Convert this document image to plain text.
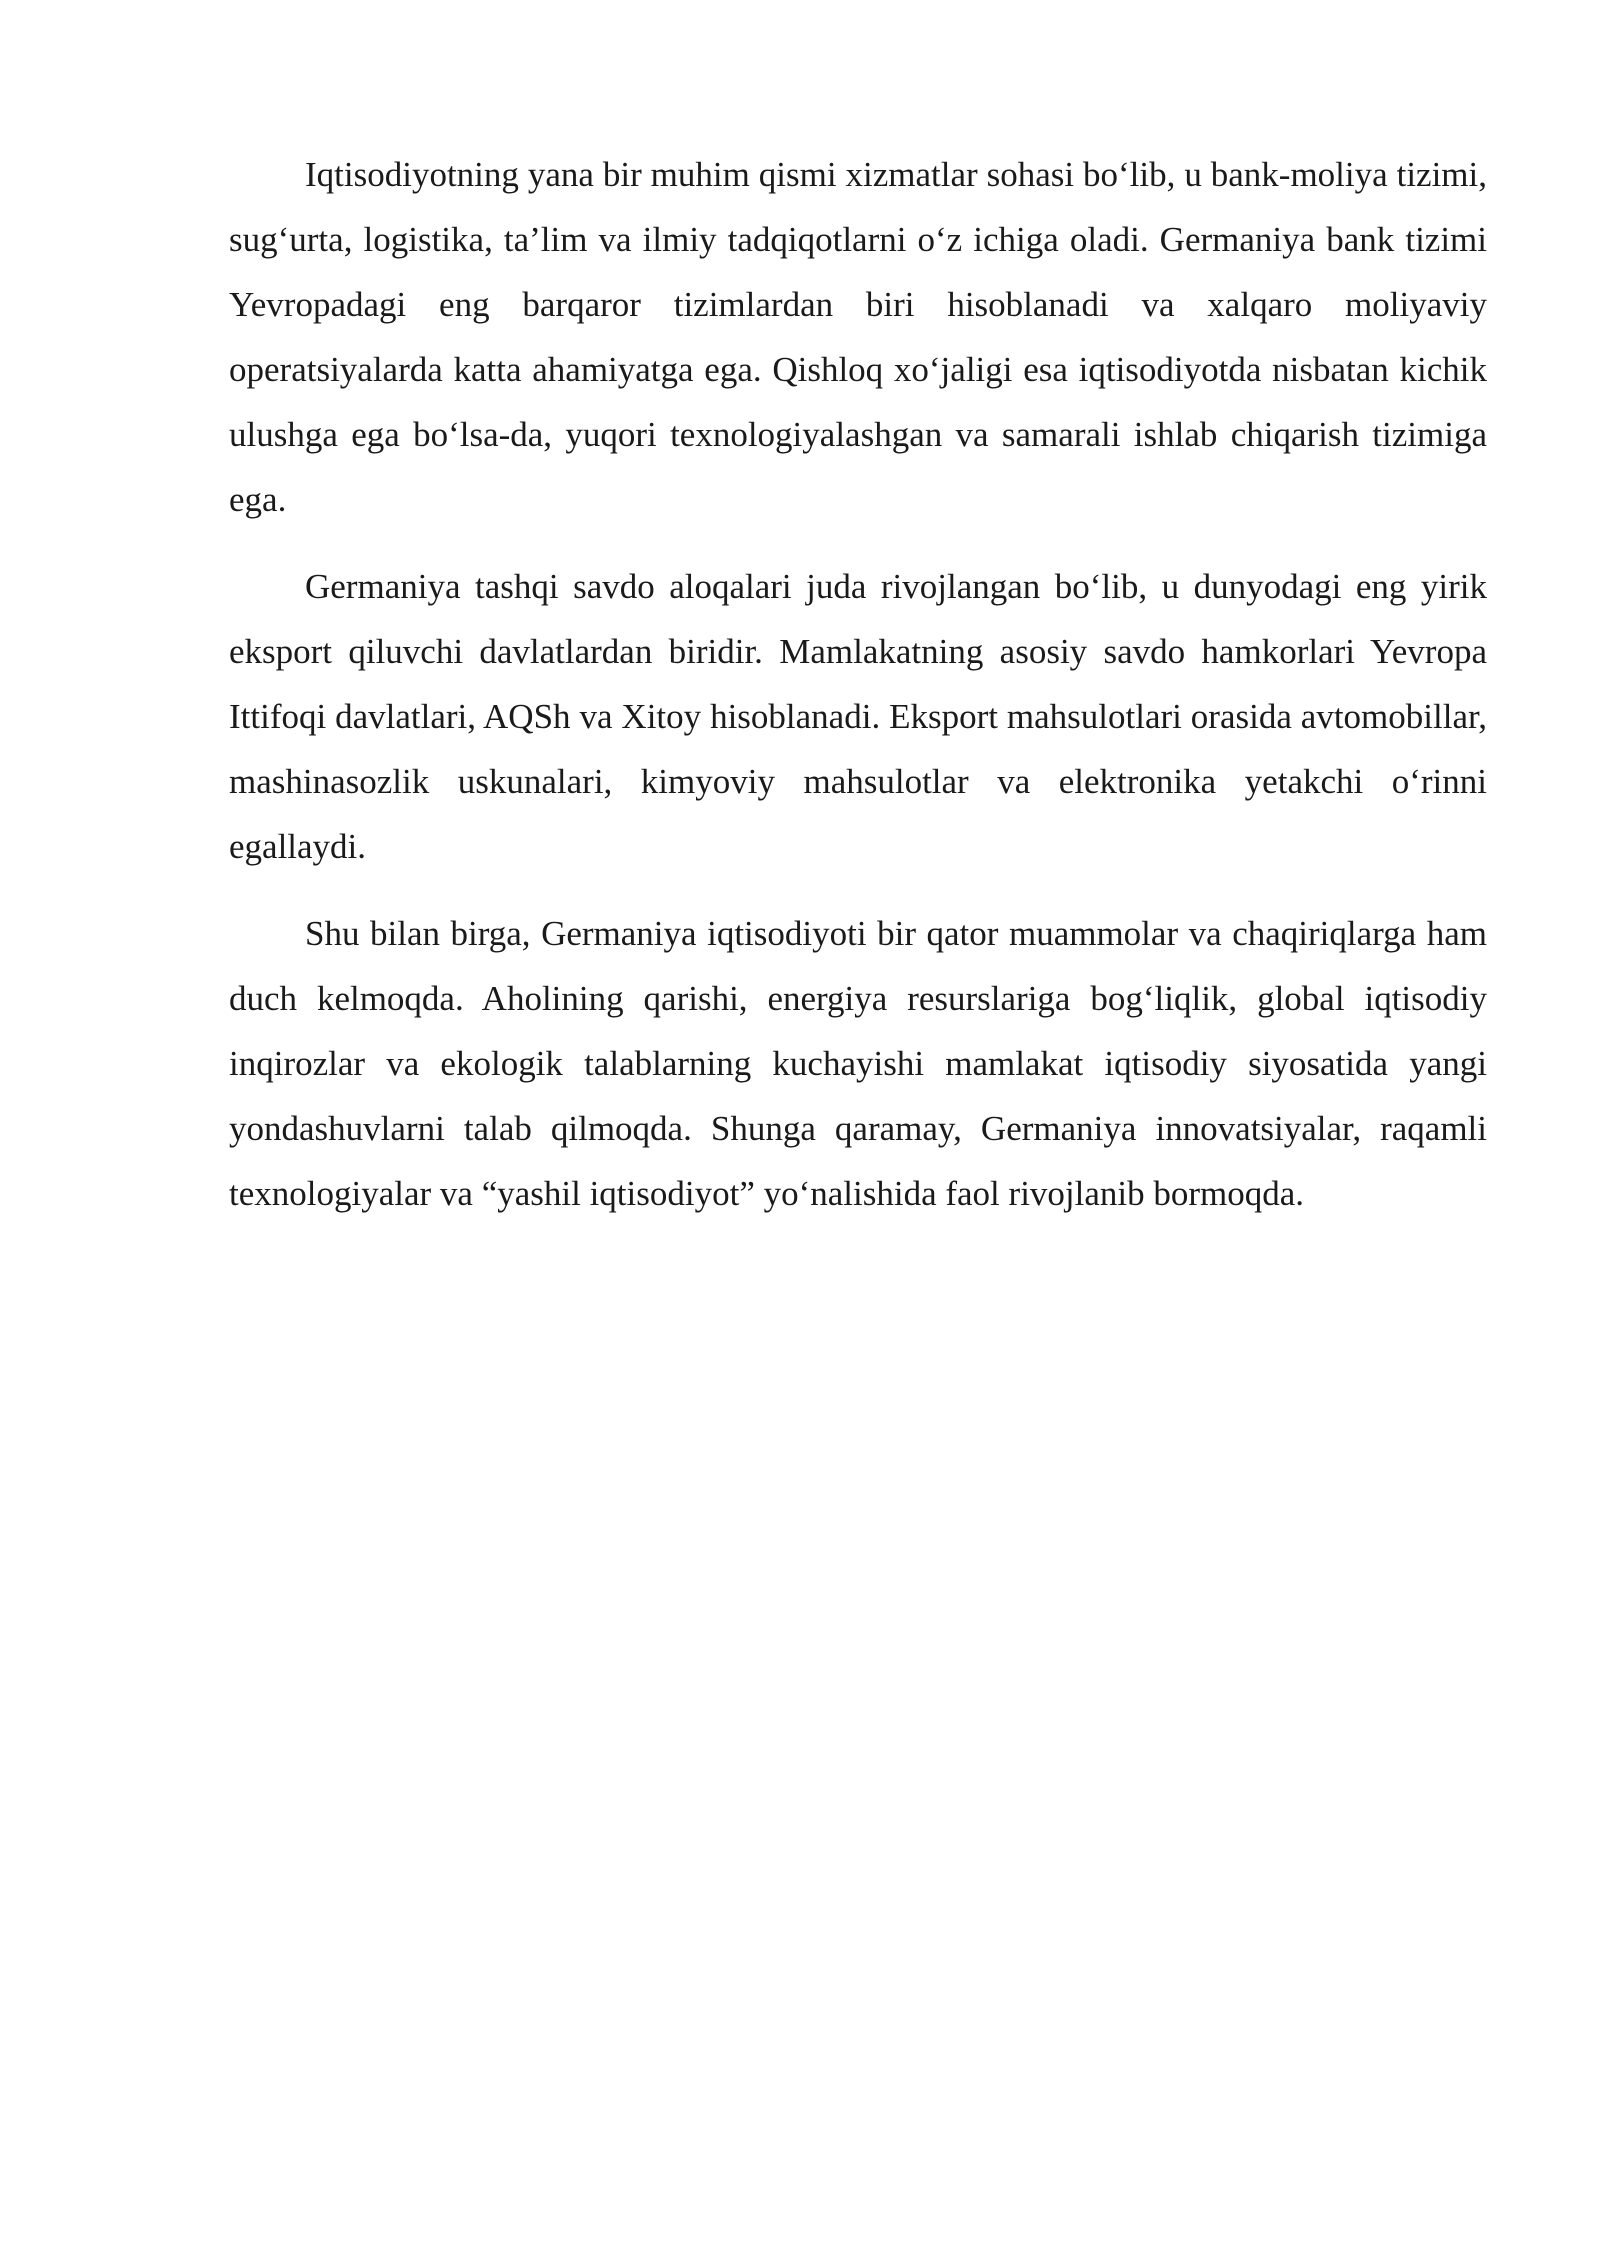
Iqtisodiyotning yana bir muhim qismi xizmatlar sohasi bo‘lib, u bank-moliya tizimi, sug‘urta, logistika, ta’lim va ilmiy tadqiqotlarni o‘z ichiga oladi. Germaniya bank tizimi Yevropadagi eng barqaror tizimlardan biri hisoblanadi va xalqaro moliyaviy operatsiyalarda katta ahamiyatga ega. Qishloq xo‘jaligi esa iqtisodiyotda nisbatan kichik ulushga ega bo‘lsa-da, yuqori texnologiyalashgan va samarali ishlab chiqarish tizimiga ega.

Germaniya tashqi savdo aloqalari juda rivojlangan bo‘lib, u dunyodagi eng yirik eksport qiluvchi davlatlardan biridir. Mamlakatning asosiy savdo hamkorlari Yevropa Ittifoqi davlatlari, AQSh va Xitoy hisoblanadi. Eksport mahsulotlari orasida avtomobillar, mashinasozlik uskunalari, kimyoviy mahsulotlar va elektronika yetakchi o‘rinni egallaydi.

Shu bilan birga, Germaniya iqtisodiyoti bir qator muammolar va chaqiriqlarga ham duch kelmoqda. Aholining qarishi, energiya resurslariga bog‘liqlik, global iqtisodiy inqirozlar va ekologik talablarning kuchayishi mamlakat iqtisodiy siyosatida yangi yondashuvlarni talab qilmoqda. Shunga qaramay, Germaniya innovatsiyalar, raqamli texnologiyalar va “yashil iqtisodiyot” yo‘nalishida faol rivojlanib bormoqda.
